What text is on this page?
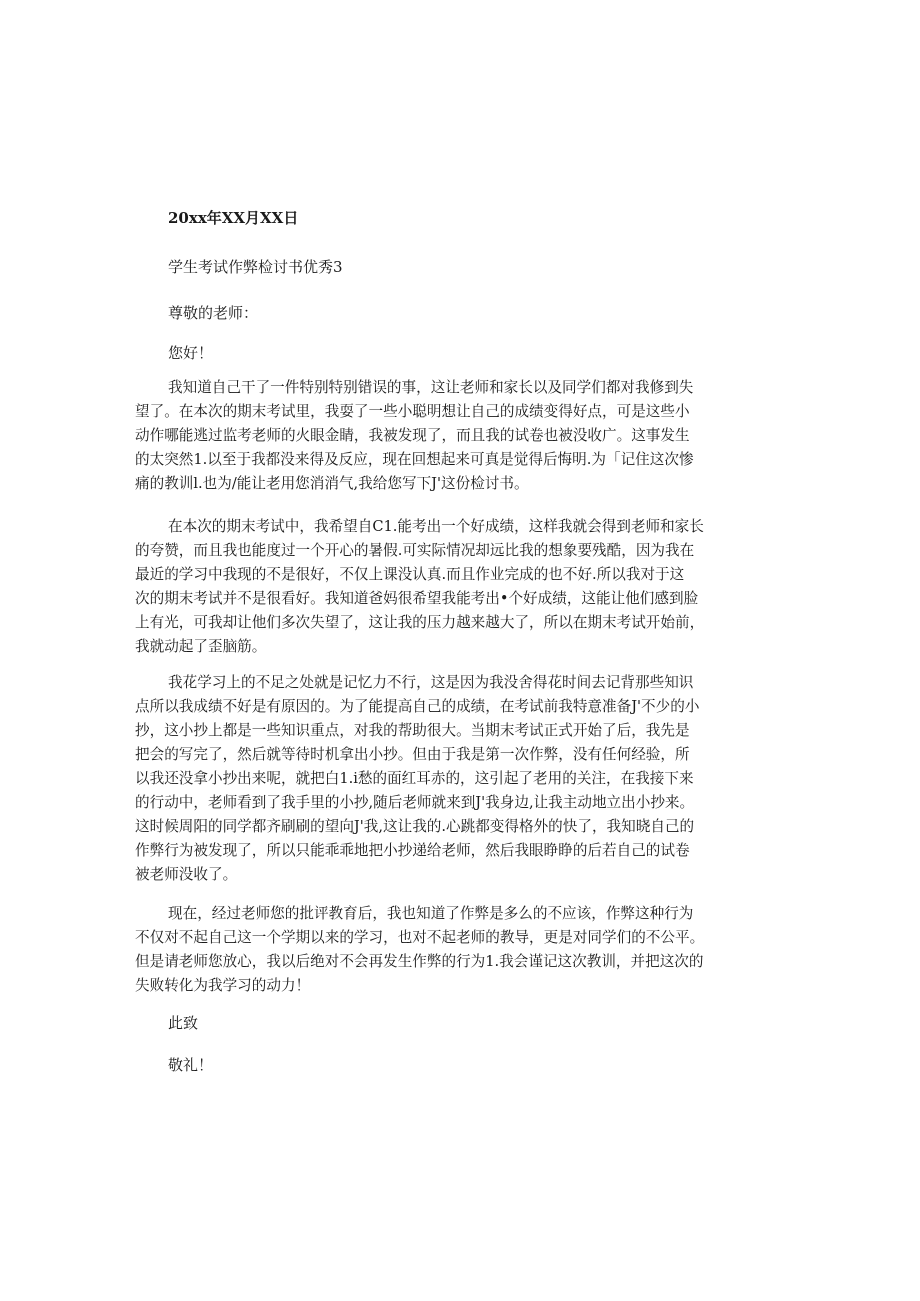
20xx年XX月XX日
学生考试作弊检讨书优秀3
尊敬的老师：
您好！
我知道自己干了一件特别特别错误的事，这让老师和家长以及同学们都对我修到失
望了。在本次的期末考试里，我耍了一些小聪明想让自己的成绩变得好点，可是这些小
动作哪能逃过监考老师的火眼金睛，我被发现了，而且我的试卷也被没收广。这事发生
的太突然1.以至于我都没来得及反应，现在回想起来可真是觉得后悔明.为「记住这次惨
痛的教训l.也为/能让老用您消消气,我给您写下J'这份检讨书。
在本次的期末考试中，我希望自C1.能考出一个好成绩，这样我就会得到老师和家长
的夸赞，而且我也能度过一个开心的暑假.可实际情况却远比我的想象要残酷，因为我在
最近的学习中我现的不是很好，不仅上课没认真.而且作业完成的也不好.所以我对于这
次的期末考试并不是很看好。我知道爸妈很希望我能考出•个好成绩，这能让他们感到脸
上有光，可我却让他们多次失望了，这让我的压力越来越大了，所以在期末考试开始前，
我就动起了歪脑筋。
我花学习上的不足之处就是记忆力不行，这是因为我没舍得花时间去记背那些知识
点所以我成绩不好是有原因的。为了能提高自己的成绩，在考试前我特意准备J'不少的小
抄，这小抄上都是一些知识重点，对我的帮助很大。当期末考试正式开始了后，我先是
把会的写完了，然后就等待时机拿出小抄。但由于我是第一次作弊，没有任何经验，所
以我还没拿小抄出来呢，就把白1.i愁的面红耳赤的，这引起了老用的关注，在我接下来
的行动中，老师看到了我手里的小抄,随后老师就来到J'我身边,让我主动地立出小抄来。
这时候周阳的同学都齐刷刷的望向J'我,这让我的.心跳都变得格外的快了，我知晓自己的
作弊行为被发现了，所以只能乖乖地把小抄递给老师，然后我眼睁睁的后若自己的试卷
被老师没收了。
现在，经过老师您的批评教育后，我也知道了作弊是多么的不应该，作弊这种行为
不仅对不起自己这一个学期以来的学习，也对不起老师的教导，更是对同学们的不公平。
但是请老师您放心，我以后绝对不会再发生作弊的行为1.我会谨记这次教训，并把这次的
失败转化为我学习的动力！
此致
敬礼！
